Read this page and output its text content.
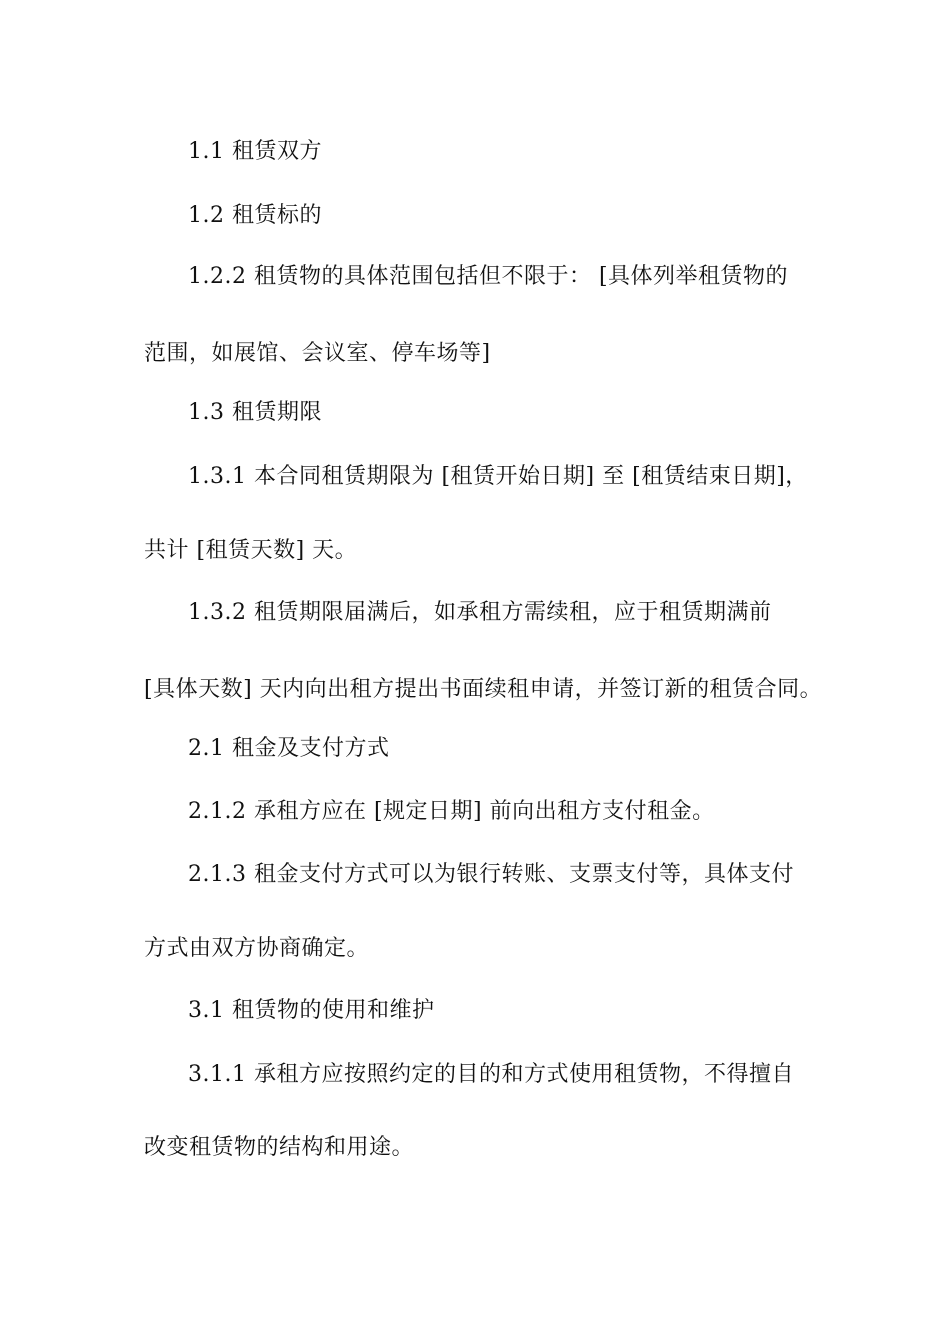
1.1 租赁双方
1.2 租赁标的
1.2.2 租赁物的具体范围包括但不限于： [具体列举租赁物的
范围，如展馆、会议室、停车场等]
1.3 租赁期限
1.3.1 本合同租赁期限为 [租赁开始日期] 至 [租赁结束日期]，
共计 [租赁天数] 天。
1.3.2 租赁期限届满后，如承租方需续租，应于租赁期满前
[具体天数] 天内向出租方提出书面续租申请，并签订新的租赁合同。
2.1 租金及支付方式
2.1.2 承租方应在 [规定日期] 前向出租方支付租金。
2.1.3 租金支付方式可以为银行转账、支票支付等，具体支付
方式由双方协商确定。
3.1 租赁物的使用和维护
3.1.1 承租方应按照约定的目的和方式使用租赁物，不得擅自
改变租赁物的结构和用途。
